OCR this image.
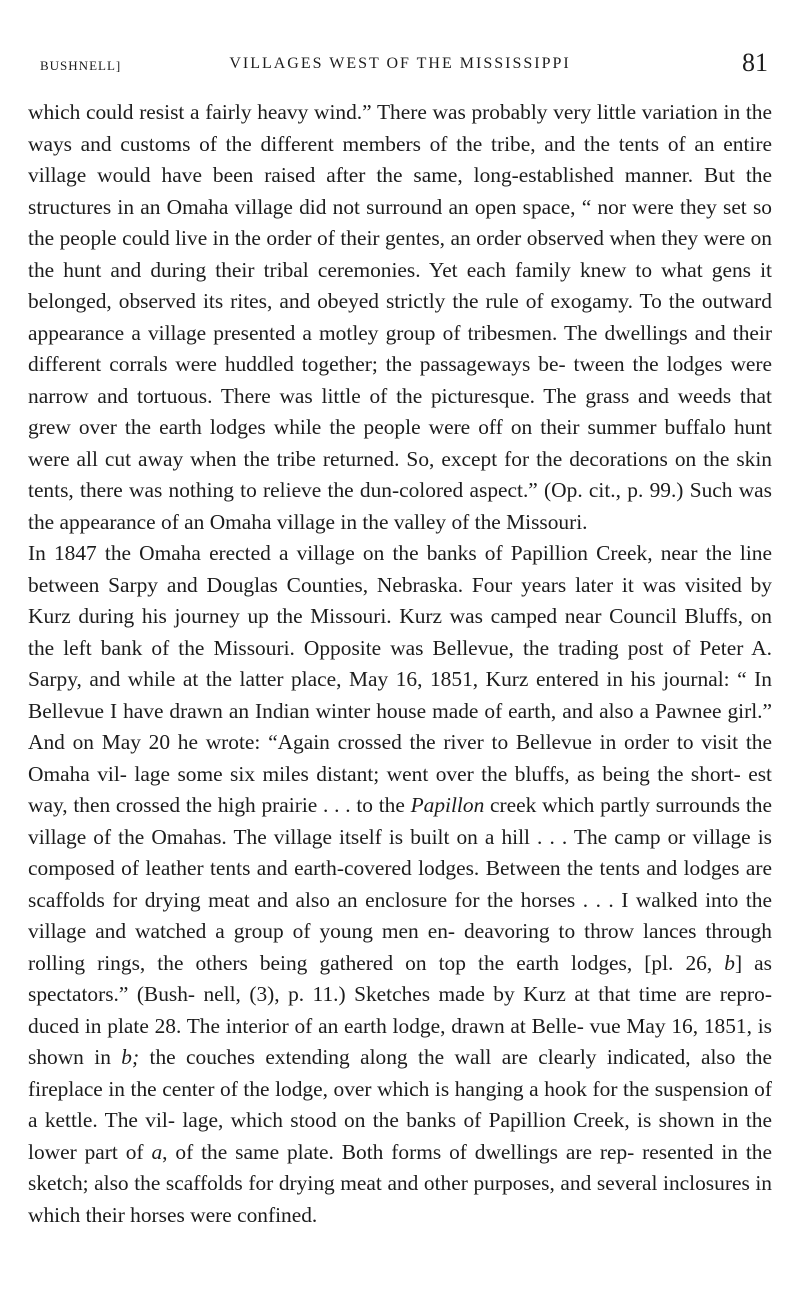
BUSHNELL]	VILLAGES WEST OF THE MISSISSIPPI	81

which could resist a fairly heavy wind.” There was probably very little variation in the ways and customs of the different members of the tribe, and the tents of an entire village would have been raised after the same, long-established manner. But the structures in an Omaha village did not surround an open space, “ nor were they set so the people could live in the order of their gentes, an order observed when they were on the hunt and during their tribal ceremonies. Yet each family knew to what gens it belonged, observed its rites, and obeyed strictly the rule of exogamy. To the outward appearance a village presented a motley group of tribesmen. The dwellings and their different corrals were huddled together; the passageways be- tween the lodges were narrow and tortuous. There was little of the picturesque. The grass and weeds that grew over the earth lodges while the people were off on their summer buffalo hunt were all cut away when the tribe returned. So, except for the decorations on the skin tents, there was nothing to relieve the dun-colored aspect.” (Op. cit., p. 99.) Such was the appearance of an Omaha village in the valley of the Missouri.

In 1847 the Omaha erected a village on the banks of Papillion Creek, near the line between Sarpy and Douglas Counties, Nebraska. Four years later it was visited by Kurz during his journey up the Missouri. Kurz was camped near Council Bluffs, on the left bank of the Missouri. Opposite was Bellevue, the trading post of Peter A. Sarpy, and while at the latter place, May 16, 1851, Kurz entered in his journal: “ In Bellevue I have drawn an Indian winter house made of earth, and also a Pawnee girl.” And on May 20 he wrote: “Again crossed the river to Bellevue in order to visit the Omaha vil- lage some six miles distant; went over the bluffs, as being the short- est way, then crossed the high prairie . . . to the Papillon creek which partly surrounds the village of the Omahas. The village itself is built on a hill . . . The camp or village is composed of leather tents and earth-covered lodges. Between the tents and lodges are scaffolds for drying meat and also an enclosure for the horses . . . I walked into the village and watched a group of young men en- deavoring to throw lances through rolling rings, the others being gathered on top the earth lodges, [pl. 26, b] as spectators.” (Bush- nell, (3), p. 11.) Sketches made by Kurz at that time are repro- duced in plate 28. The interior of an earth lodge, drawn at Belle- vue May 16, 1851, is shown in b; the couches extending along the wall are clearly indicated, also the fireplace in the center of the lodge, over which is hanging a hook for the suspension of a kettle. The vil- lage, which stood on the banks of Papillion Creek, is shown in the lower part of a, of the same plate. Both forms of dwellings are rep- resented in the sketch; also the scaffolds for drying meat and other purposes, and several inclosures in which their horses were confined.
